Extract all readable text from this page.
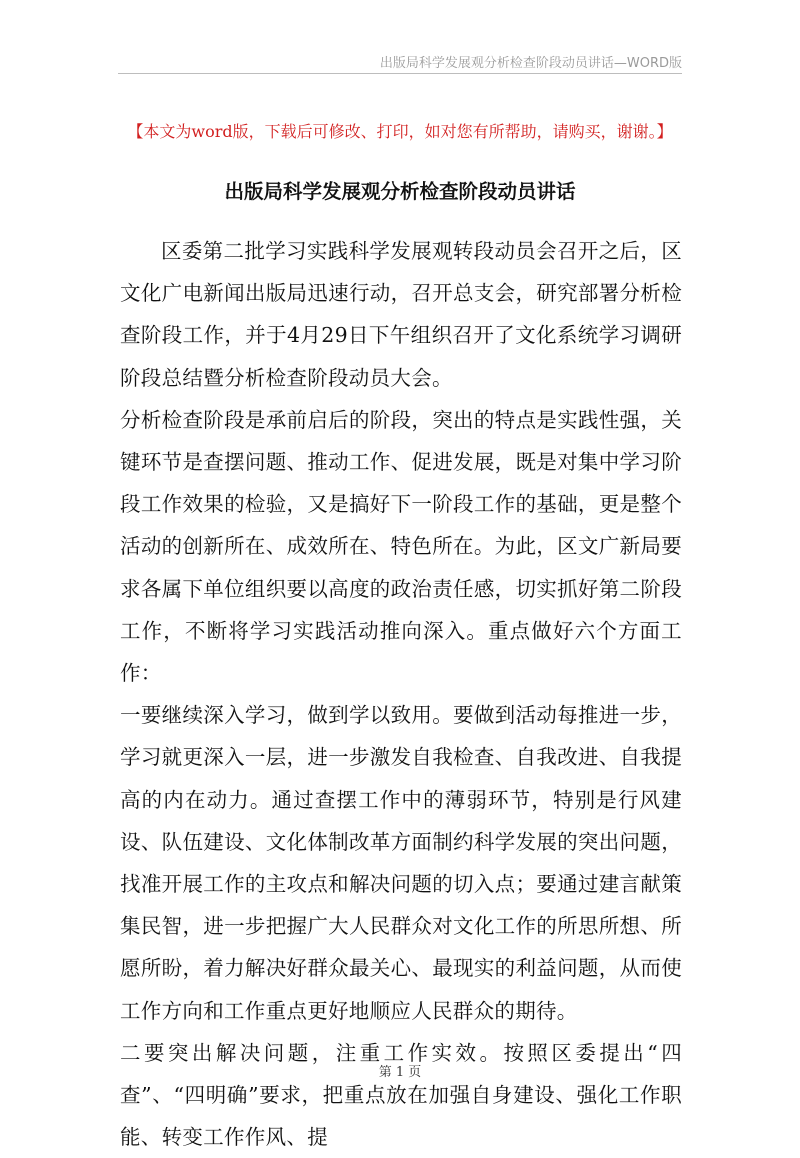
出版局科学发展观分析检查阶段动员讲话—WORD版
【本文为word版，下载后可修改、打印，如对您有所帮助，请购买，谢谢。】
出版局科学发展观分析检查阶段动员讲话

区委第二批学习实践科学发展观转段动员会召开之后，区文化广电新闻出版局迅速行动，召开总支会，研究部署分析检查阶段工作，并于4月29日下午组织召开了文化系统学习调研阶段总结暨分析检查阶段动员大会。

分析检查阶段是承前启后的阶段，突出的特点是实践性强，关键环节是查摆问题、推动工作、促进发展，既是对集中学习阶段工作效果的检验，又是搞好下一阶段工作的基础，更是整个活动的创新所在、成效所在、特色所在。为此，区文广新局要求各属下单位组织要以高度的政治责任感，切实抓好第二阶段工作，不断将学习实践活动推向深入。重点做好六个方面工作：

一要继续深入学习，做到学以致用。要做到活动每推进一步，学习就更深入一层，进一步激发自我检查、自我改进、自我提高的内在动力。通过查摆工作中的薄弱环节，特别是行风建设、队伍建设、文化体制改革方面制约科学发展的突出问题，找准开展工作的主攻点和解决问题的切入点；要通过建言献策集民智，进一步把握广大人民群众对文化工作的所思所想、所愿所盼，着力解决好群众最关心、最现实的利益问题，从而使工作方向和工作重点更好地顺应人民群众的期待。

二要突出解决问题，注重工作实效。按照区委提出“四查”、“四明确”要求，把重点放在加强自身建设、强化工作职能、转变工作作风、提

第 1 页
